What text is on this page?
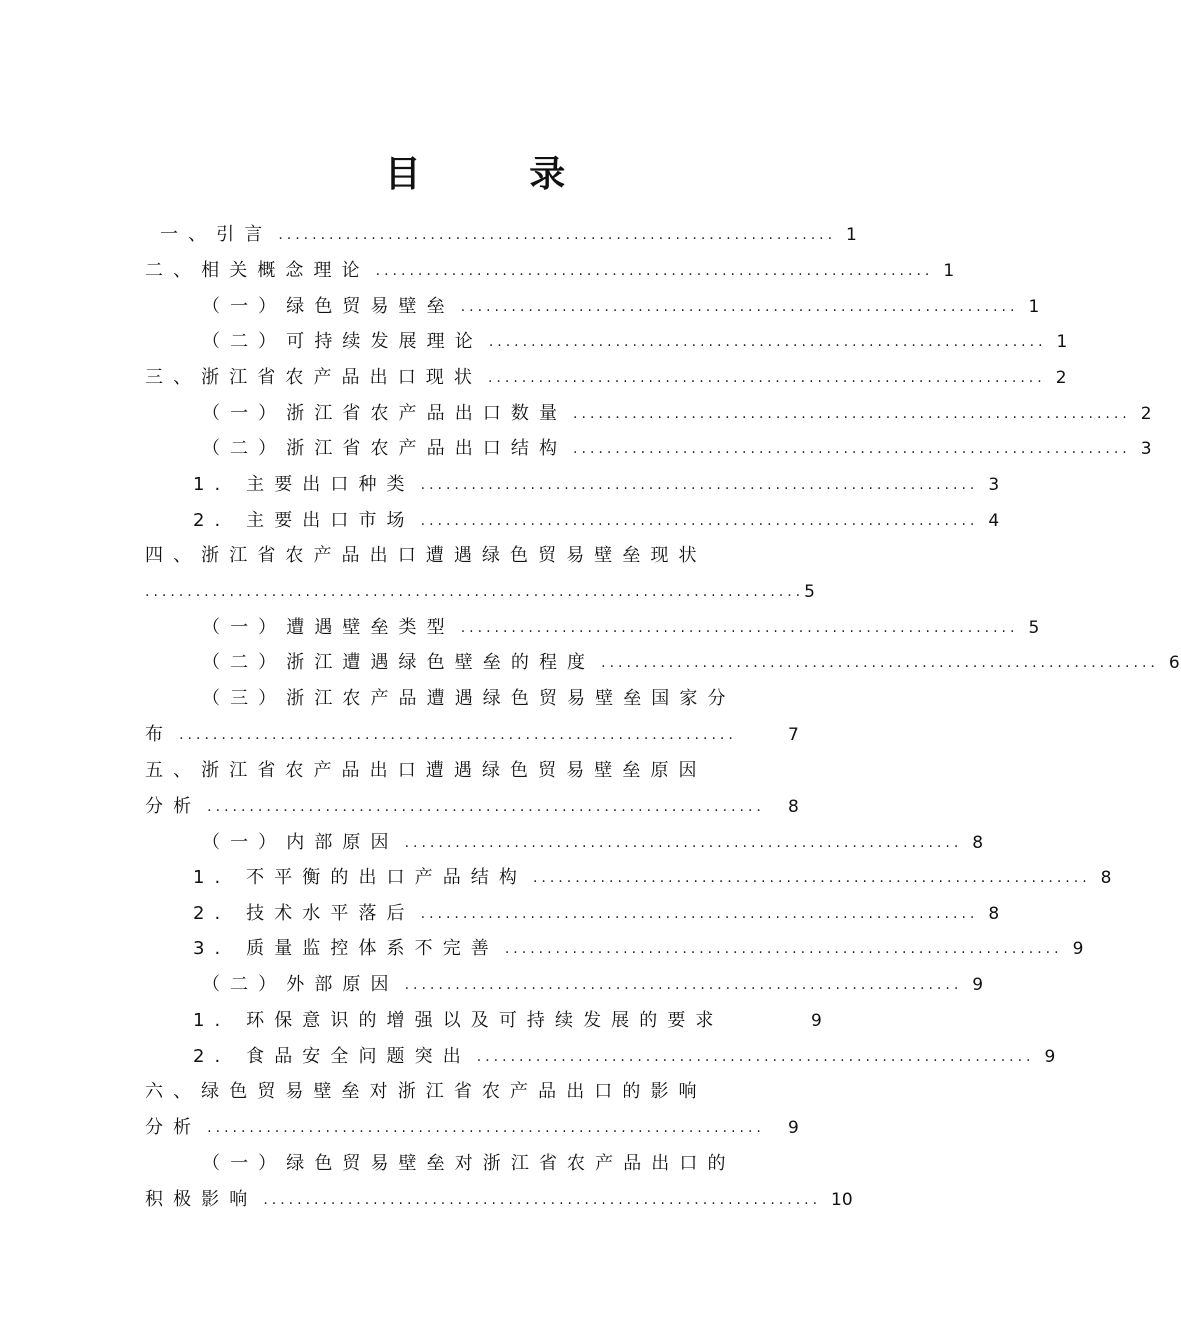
目 录
一、引言 .................................................................. 1
二、相关概念理论 .................................................................. 1
（一）绿色贸易壁垒 .................................................................. 1
（二）可持续发展理论 .................................................................. 1
三、浙江省农产品出口现状 .................................................................. 2
（一）浙江省农产品出口数量 .................................................................. 2
（二）浙江省农产品出口结构 .................................................................. 3
1. 主要出口种类 .................................................................. 3
2. 主要出口市场 .................................................................. 4
四、浙江省农产品出口遭遇绿色贸易壁垒现状
.............................................................................. 5
（一）遭遇壁垒类型 .................................................................. 5
（二）浙江遭遇绿色壁垒的程度 .................................................................. 6
（三）浙江农产品遭遇绿色贸易壁垒国家分
布 ..................................................................	7
五、浙江省农产品出口遭遇绿色贸易壁垒原因
分析 ..................................................................	8
（一）内部原因 .................................................................. 8
1. 不平衡的出口产品结构 .................................................................. 8
2. 技术水平落后 .................................................................. 8
3. 质量监控体系不完善 .................................................................. 9
（二）外部原因 .................................................................. 9
1. 环保意识的增强以及可持续发展的要求	9
2. 食品安全问题突出 .................................................................. 9
六、绿色贸易壁垒对浙江省农产品出口的影响
分析 ..................................................................	9
（一）绿色贸易壁垒对浙江省农产品出口的
积极影响 .................................................................. 10
